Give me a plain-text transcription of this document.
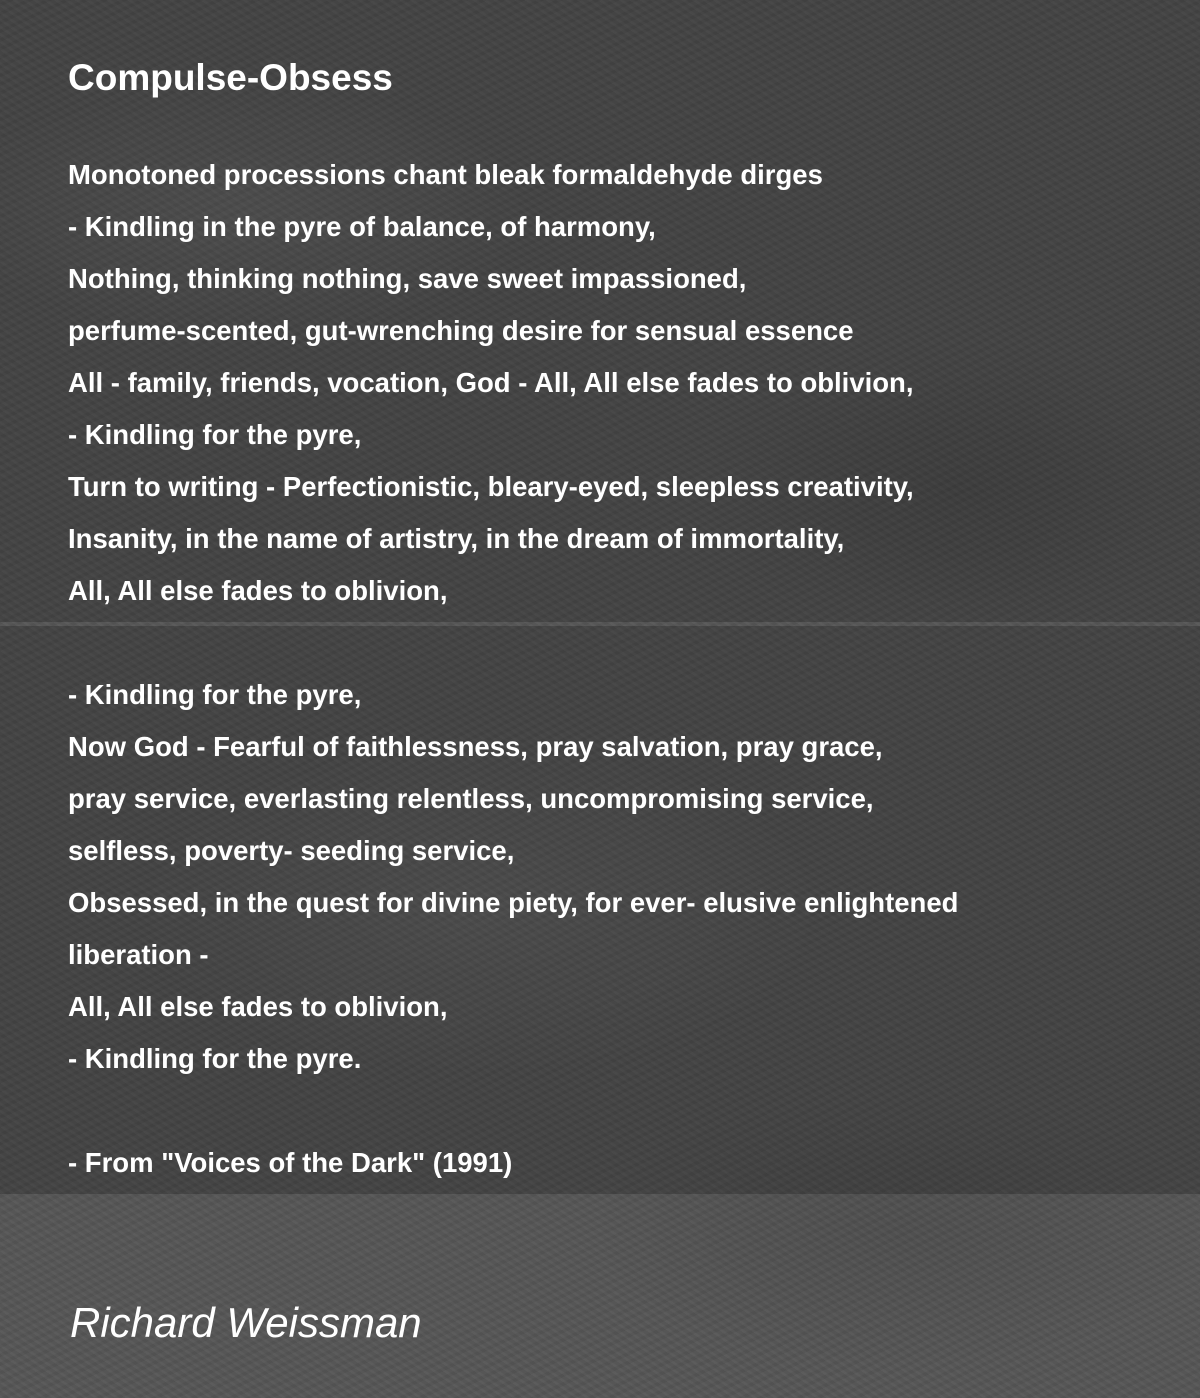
Compulse-Obsess
Monotoned processions chant bleak formaldehyde dirges
- Kindling in the pyre of balance, of harmony,
Nothing, thinking nothing, save sweet impassioned,
perfume-scented, gut-wrenching desire for sensual essence
All - family, friends, vocation, God - All, All else fades to oblivion,
- Kindling for the pyre,
Turn to writing - Perfectionistic, bleary-eyed, sleepless creativity,
Insanity, in the name of artistry, in the dream of immortality,
All, All else fades to oblivion,
- Kindling for the pyre,
Now God - Fearful of faithlessness, pray salvation, pray grace,
pray service, everlasting relentless, uncompromising service,
selfless, poverty- seeding service,
Obsessed, in the quest for divine piety, for ever- elusive enlightened
liberation -
All, All else fades to oblivion,
- Kindling for the pyre.
- From "Voices of the Dark" (1991)
Richard Weissman
